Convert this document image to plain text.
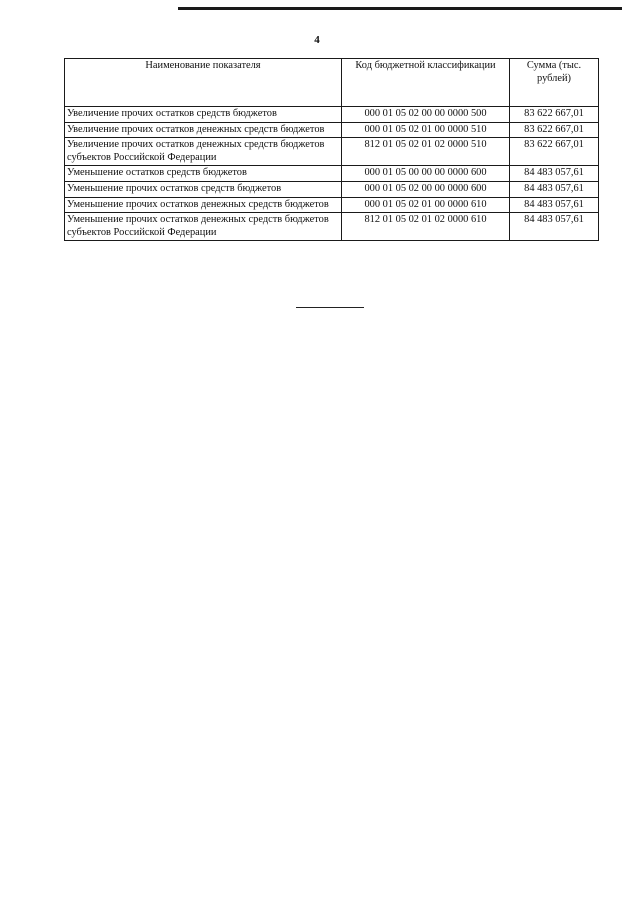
4
Наименование показателя	Код бюджетной классификации	Сумма (тыс. рублей)
Увеличение прочих остатков средств бюджетов	000 01 05 02 00 00 0000 500	83 622 667,01
Увеличение прочих остатков денежных средств бюджетов	000 01 05 02 01 00 0000 510	83 622 667,01
Увеличение прочих остатков денежных средств бюджетов субъектов Российской Федерации	812 01 05 02 01 02 0000 510	83 622 667,01
Уменьшение остатков средств бюджетов	000 01 05 00 00 00 0000 600	84 483 057,61
Уменьшение прочих остатков средств бюджетов	000 01 05 02 00 00 0000 600	84 483 057,61
Уменьшение прочих остатков денежных средств бюджетов	000 01 05 02 01 00 0000 610	84 483 057,61
Уменьшение прочих остатков денежных средств бюджетов субъектов Российской Федерации	812 01 05 02 01 02 0000 610	84 483 057,61
